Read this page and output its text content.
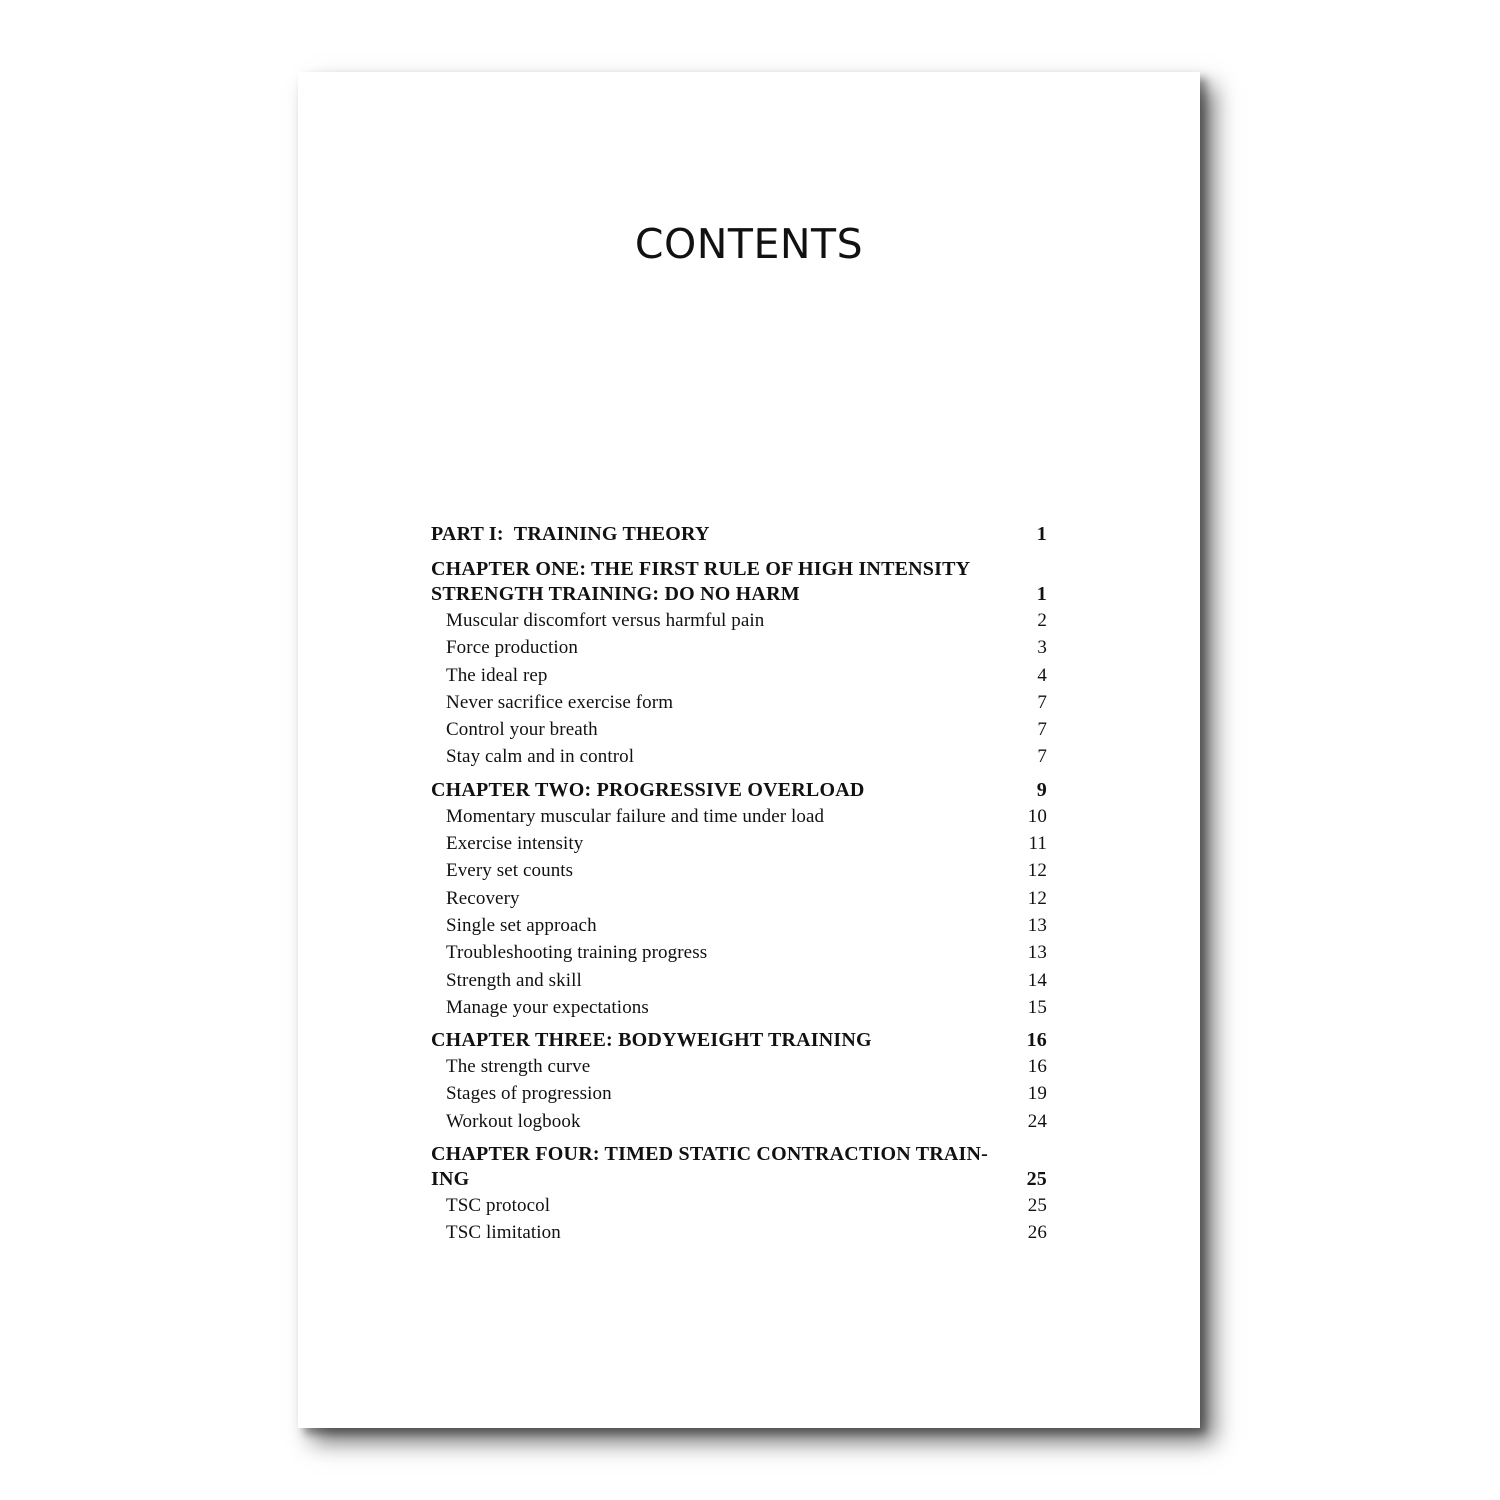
CONTENTS
PART I:  TRAINING THEORY	1
CHAPTER ONE: THE FIRST RULE OF HIGH INTENSITY
STRENGTH TRAINING: DO NO HARM	1
Muscular discomfort versus harmful pain	2
Force production	3
The ideal rep	4
Never sacrifice exercise form	7
Control your breath	7
Stay calm and in control	7
CHAPTER TWO: PROGRESSIVE OVERLOAD	9
Momentary muscular failure and time under load	10
Exercise intensity	11
Every set counts	12
Recovery	12
Single set approach	13
Troubleshooting training progress	13
Strength and skill	14
Manage your expectations	15
CHAPTER THREE: BODYWEIGHT TRAINING	16
The strength curve	16
Stages of progression	19
Workout logbook	24
CHAPTER FOUR: TIMED STATIC CONTRACTION TRAIN-
ING	25
TSC protocol	25
TSC limitation	26
